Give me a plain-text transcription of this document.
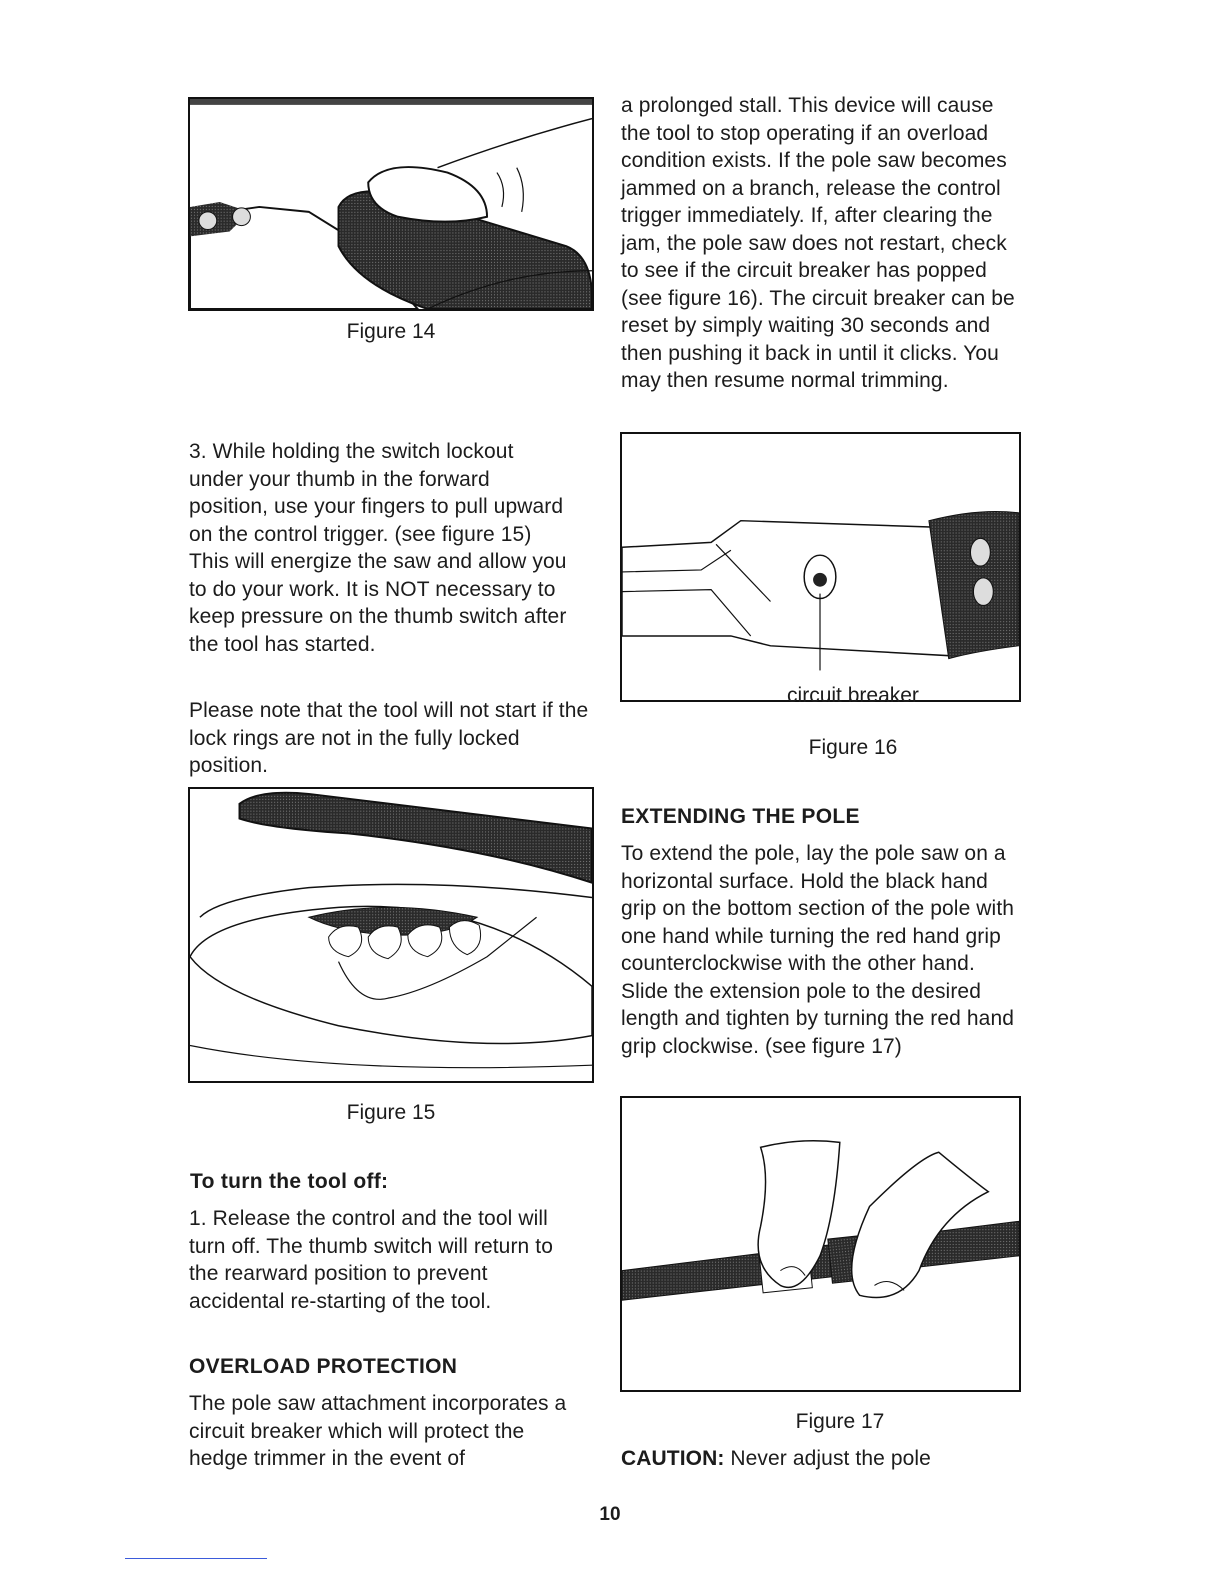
Figure 14

3. While holding the switch lockout under your thumb in the forward position, use your fingers to pull upward on the control trigger. (see figure 15) This will energize the saw and allow you to do your work. It is NOT necessary to keep pressure on the thumb switch after the tool has started.

Please note that the tool will not start if the lock rings are not in the fully locked position.

Figure 15
To turn the tool off:

1. Release the control and the tool will turn off. The thumb switch will return to the rearward position to prevent accidental re-starting of the tool.

OVERLOAD PROTECTION

The pole saw attachment incorporates a circuit breaker which will protect the hedge trimmer in the event of

a prolonged stall. This device will cause the tool to stop operating if an overload condition exists. If the pole saw becomes jammed on a branch, release the control trigger immediately. If, after clearing the jam, the pole saw does not restart, check to see if the circuit breaker has popped (see figure 16). The circuit breaker can be reset by simply waiting 30 seconds and then pushing it back in until it clicks. You may then resume normal trimming.

circuit breaker
Figure 16
EXTENDING THE POLE

To extend the pole, lay the pole saw on a horizontal surface. Hold the black hand grip on the bottom section of the pole with one hand while turning the red hand grip counterclockwise with the other hand. Slide the extension pole to the desired length and tighten by turning the red hand grip clockwise. (see figure 17)

Figure 17
CAUTION: Never adjust the pole
10
